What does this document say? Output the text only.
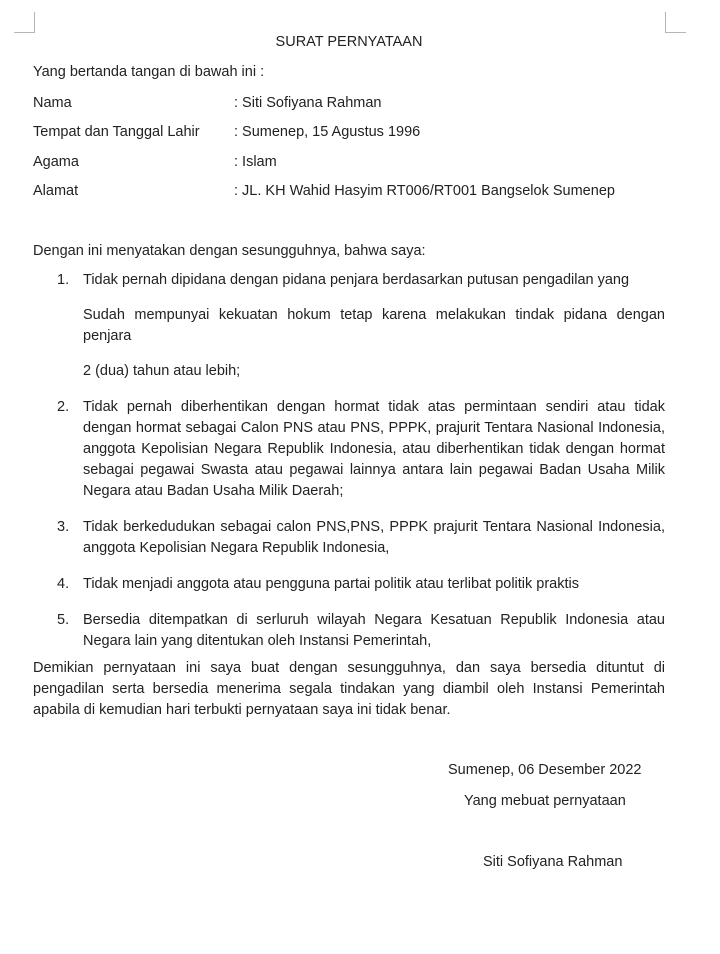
SURAT PERNYATAAN
Yang bertanda tangan di bawah ini :
Nama	: Siti Sofiyana Rahman
Tempat dan Tanggal Lahir : Sumenep, 15 Agustus 1996
Agama	: Islam
Alamat	: JL. KH Wahid Hasyim RT006/RT001 Bangselok Sumenep
Dengan ini menyatakan dengan sesungguhnya, bahwa saya:
1. Tidak pernah dipidana dengan pidana penjara berdasarkan putusan pengadilan yang

Sudah mempunyai kekuatan hokum tetap karena melakukan tindak pidana dengan penjara

2 (dua) tahun atau lebih;

2. Tidak pernah diberhentikan dengan hormat tidak atas permintaan sendiri atau tidak dengan hormat sebagai Calon PNS atau PNS, PPPK, prajurit Tentara Nasional Indonesia, anggota Kepolisian Negara Republik Indonesia, atau diberhentikan tidak dengan hormat sebagai pegawai Swasta atau pegawai lainnya antara lain pegawai Badan Usaha Milik Negara atau Badan Usaha Milik Daerah;

3. Tidak berkedudukan sebagai calon PNS,PNS, PPPK prajurit Tentara Nasional Indonesia, anggota Kepolisian Negara Republik Indonesia,

4. Tidak menjadi anggota atau pengguna partai politik atau terlibat politik praktis

5. Bersedia ditempatkan di serluruh wilayah Negara Kesatuan Republik Indonesia atau Negara lain yang ditentukan oleh Instansi Pemerintah,

Demikian pernyataan ini saya buat dengan sesungguhnya, dan saya bersedia dituntut di pengadilan serta bersedia menerima segala tindakan yang diambil oleh Instansi Pemerintah apabila di kemudian hari terbukti pernyataan saya ini tidak benar.
Sumenep, 06 Desember 2022
Yang mebuat pernyataan
Siti Sofiyana Rahman
